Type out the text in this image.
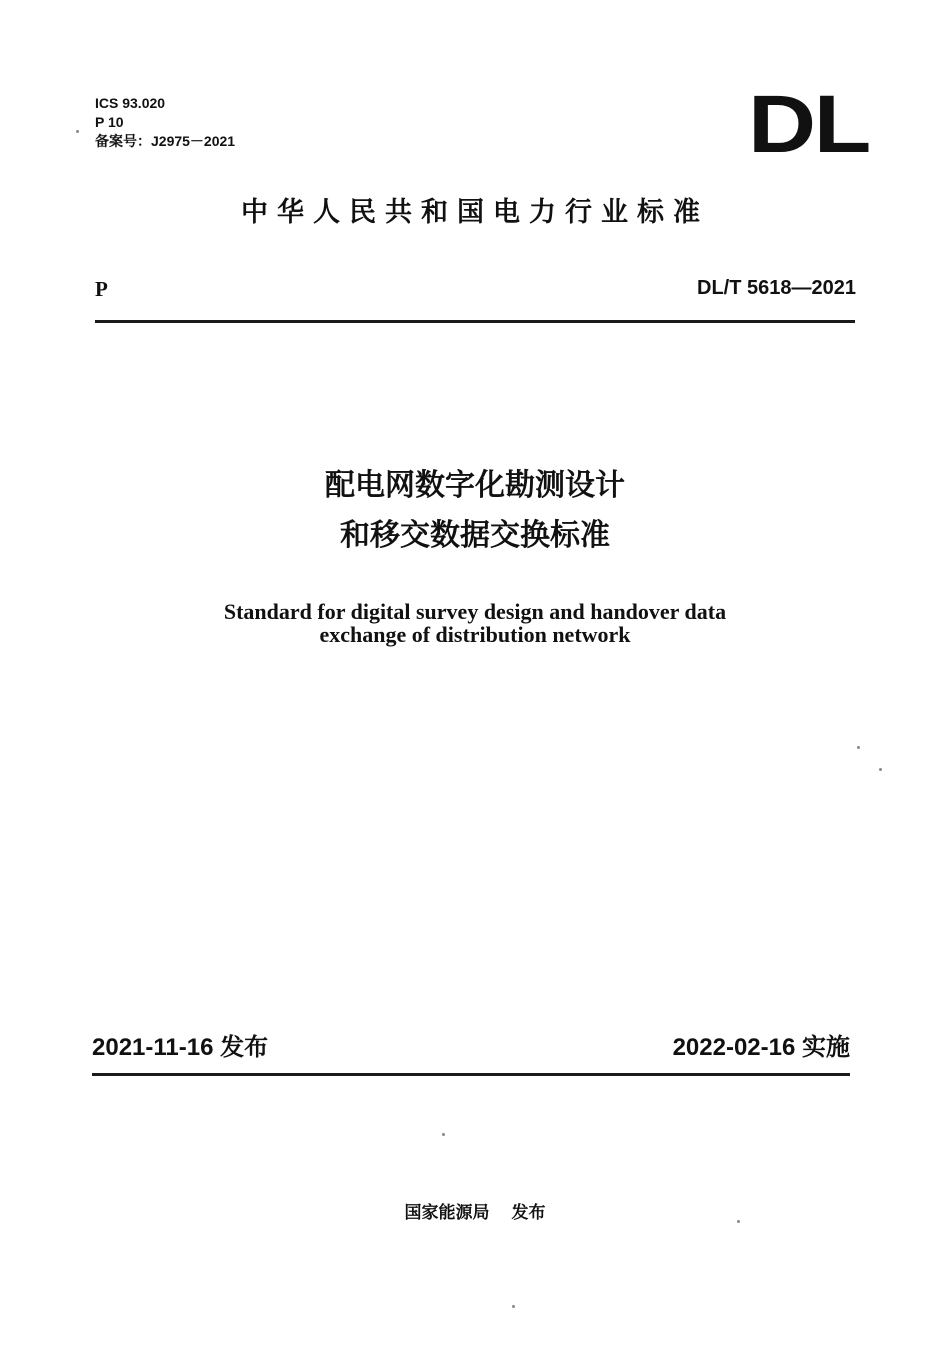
ICS 93.020
P 10
备案号：J2975－2021	DL
中华人民共和国电力行业标准
P	DL/T 5618—2021
配电网数字化勘测设计
和移交数据交换标准
Standard for digital survey design and handover data
exchange of distribution network
2021-11-16 发布	2022-02-16 实施
国家能源局 发布
